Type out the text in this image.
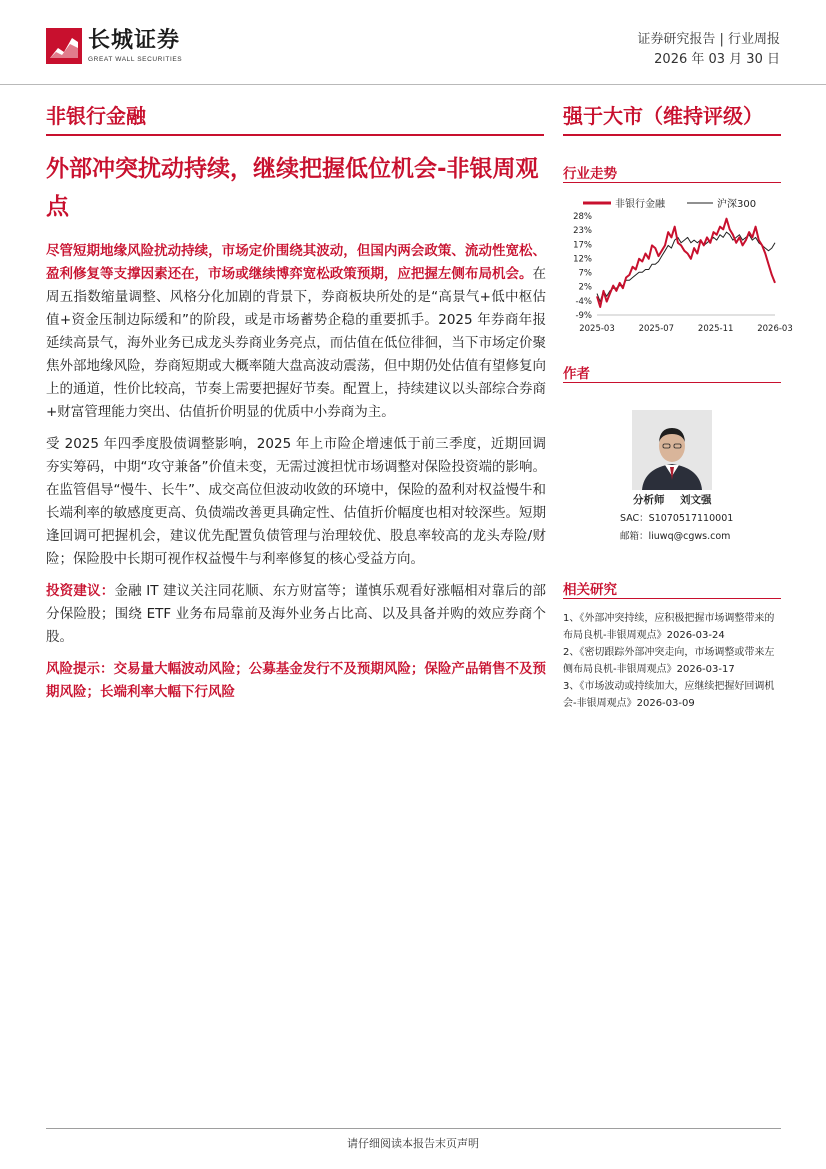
长城证券
GREAT WALL SECURITIES
证券研究报告 | 行业周报
2026 年 03 月 30 日
非银行金融	强于大市（维持评级）
外部冲突扰动持续，继续把握低位机会-非银周观点

尽管短期地缘风险扰动持续，市场定价围绕其波动，但国内两会政策、流动性宽松、盈利修复等支撑因素还在，市场或继续博弈宽松政策预期，应把握左侧布局机会。在周五指数缩量调整、风格分化加剧的背景下，券商板块所处的是“高景气+低中枢估值+资金压制边际缓和”的阶段，或是市场蓄势企稳的重要抓手。2025 年券商年报延续高景气，海外业务已成龙头券商业务亮点，而估值在低位徘徊，当下市场定价聚焦外部地缘风险，券商短期或大概率随大盘高波动震荡，但中期仍处估值有望修复向上的通道，性价比较高，节奏上需要把握好节奏。配置上，持续建议以头部综合券商+财富管理能力突出、估值折价明显的优质中小券商为主。

受 2025 年四季度股债调整影响，2025 年上市险企增速低于前三季度，近期回调夯实筹码，中期“攻守兼备”价值未变，无需过渡担忧市场调整对保险投资端的影响。在监管倡导“慢牛、长牛”、成交高位但波动收敛的环境中，保险的盈利对权益慢牛和长端利率的敏感度更高、负债端改善更具确定性、估值折价幅度也相对较深些。短期逢回调可把握机会，建议优先配置负债管理与治理较优、股息率较高的龙头寿险/财险；保险股中长期可视作权益慢牛与利率修复的核心受益方向。

投资建议：金融 IT 建议关注同花顺、东方财富等；谨慎乐观看好涨幅相对靠后的部分保险股；围绕 ETF 业务布局靠前及海外业务占比高、以及具备并购的效应券商个股。

风险提示：交易量大幅波动风险；公募基金发行不及预期风险；保险产品销售不及预期风险；长端利率大幅下行风险

行业走势
非银行金融	沪深300
28%
23%
17%
12%
7%
2%
-4%
-9%
2025-03	2025-07	2025-11	2026-03
作者
分析师 刘文强
SAC：S1070517110001
邮箱：liuwq@cgws.com
相关研究
1、《外部冲突持续，应积极把握市场调整带来的布局良机-非银周观点》2026-03-24
2、《密切跟踪外部冲突走向，市场调整或带来左侧布局良机-非银周观点》2026-03-17
3、《市场波动或持续加大，应继续把握好回调机会-非银周观点》2026-03-09
请仔细阅读本报告末页声明
